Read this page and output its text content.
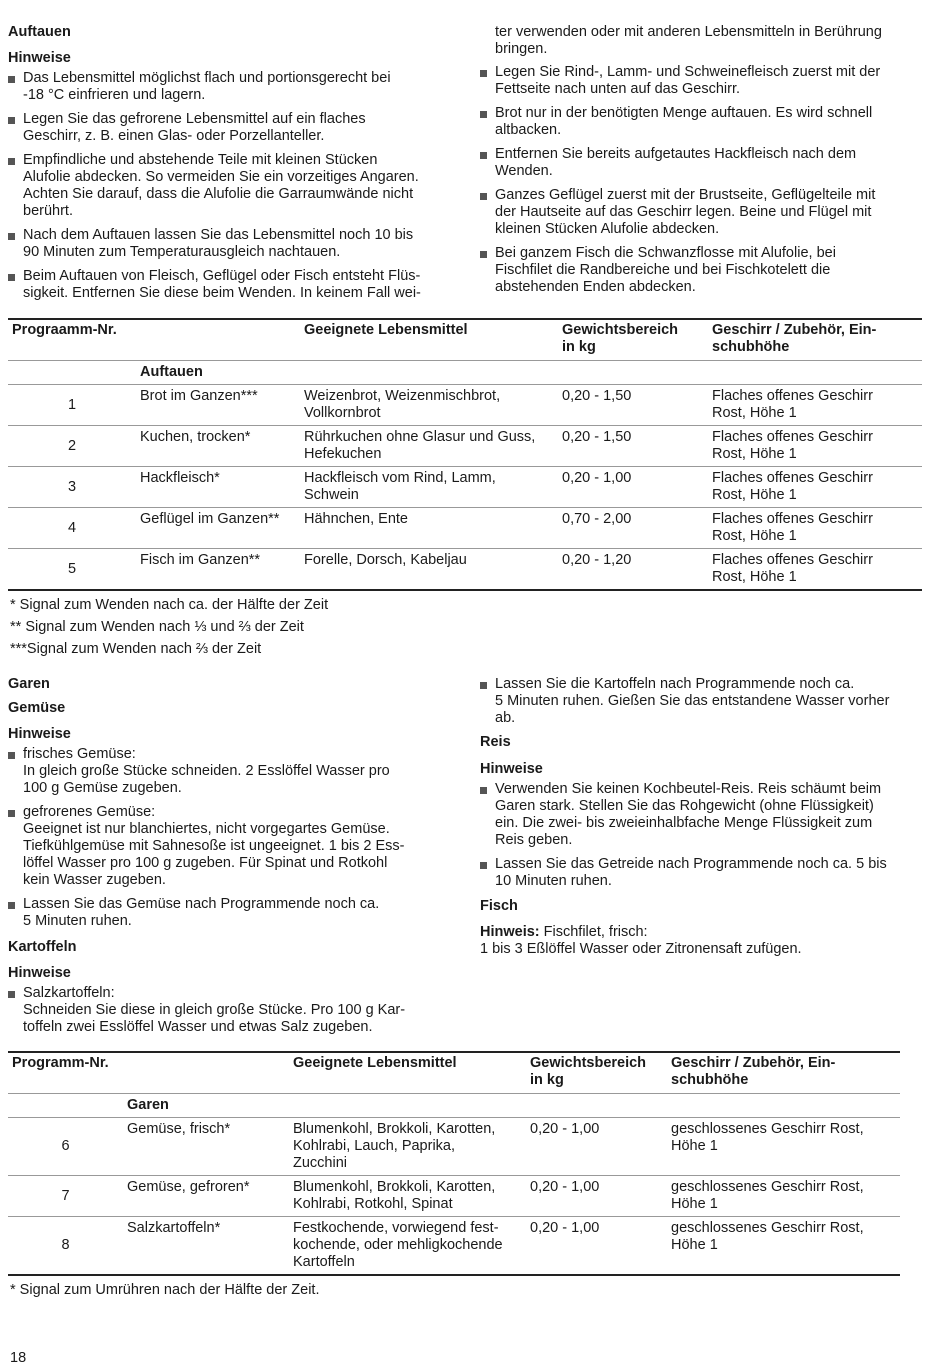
Auftauen

Hinweise

Das Lebensmittel möglichst flach und portionsgerecht bei
-18 °C einfrieren und lagern.
Legen Sie das gefrorene Lebensmittel auf ein flaches
Geschirr, z. B. einen Glas- oder Porzellanteller.
Empfindliche und abstehende Teile mit kleinen Stücken
Alufolie abdecken. So vermeiden Sie ein vorzeitiges Angaren.
Achten Sie darauf, dass die Alufolie die Garraumwände nicht
berührt.
Nach dem Auftauen lassen Sie das Lebensmittel noch 10 bis
90 Minuten zum Temperaturausgleich nachtauen.
Beim Auftauen von Fleisch, Geflügel oder Fisch entsteht Flüs-
sigkeit. Entfernen Sie diese beim Wenden. In keinem Fall wei-
ter verwenden oder mit anderen Lebensmitteln in Berührung
bringen.
Legen Sie Rind-, Lamm- und Schweinefleisch zuerst mit der
Fettseite nach unten auf das Geschirr.
Brot nur in der benötigten Menge auftauen. Es wird schnell
altbacken.
Entfernen Sie bereits aufgetautes Hackfleisch nach dem
Wenden.
Ganzes Geflügel zuerst mit der Brustseite, Geflügelteile mit
der Hautseite auf das Geschirr legen. Beine und Flügel mit
kleinen Stücken Alufolie abdecken.
Bei ganzem Fisch die Schwanzflosse mit Alufolie, bei
Fischfilet die Randbereiche und bei Fischkotelett die
abstehenden Enden abdecken.
Prograamm-Nr.		Geeignete Lebensmittel	Gewichtsbereich
in kg	Geschirr / Zubehör, Ein-
schubhöhe

	Auftauen			

1	Brot im Ganzen***	Weizenbrot, Weizenmischbrot,
Vollkornbrot	0,20 - 1,50	Flaches offenes Geschirr
Rost, Höhe 1

2	Kuchen, trocken*	Rührkuchen ohne Glasur und Guss,
Hefekuchen	0,20 - 1,50	Flaches offenes Geschirr
Rost, Höhe 1

3	Hackfleisch*	Hackfleisch vom Rind, Lamm,
Schwein	0,20 - 1,00	Flaches offenes Geschirr
Rost, Höhe 1

4	Geflügel im Ganzen**	Hähnchen, Ente	0,70 - 2,00	Flaches offenes Geschirr
Rost, Höhe 1

5	Fisch im Ganzen**	Forelle, Dorsch, Kabeljau	0,20 - 1,20	Flaches offenes Geschirr
Rost, Höhe 1
* Signal zum Wenden nach ca. der Hälfte der Zeit
** Signal zum Wenden nach ⅓ und ⅔ der Zeit
***Signal zum Wenden nach ⅔ der Zeit

Garen

Gemüse

Hinweise

frisches Gemüse:
In gleich große Stücke schneiden. 2 Esslöffel Wasser pro
100 g Gemüse zugeben.
gefrorenes Gemüse:
Geeignet ist nur blanchiertes, nicht vorgegartes Gemüse.
Tiefkühlgemüse mit Sahnesoße ist ungeeignet. 1 bis 2 Ess-
löffel Wasser pro 100 g zugeben. Für Spinat und Rotkohl
kein Wasser zugeben.
Lassen Sie das Gemüse nach Programmende noch ca.
5 Minuten ruhen.

Kartoffeln

Hinweise

Salzkartoffeln:
Schneiden Sie diese in gleich große Stücke. Pro 100 g Kar-
toffeln zwei Esslöffel Wasser und etwas Salz zugeben.
Lassen Sie die Kartoffeln nach Programmende noch ca.
5 Minuten ruhen. Gießen Sie das entstandene Wasser vorher
ab.

Reis

Hinweise

Verwenden Sie keinen Kochbeutel-Reis. Reis schäumt beim
Garen stark. Stellen Sie das Rohgewicht (ohne Flüssigkeit)
ein. Die zwei- bis zweieinhalbfache Menge Flüssigkeit zum
Reis geben.
Lassen Sie das Getreide nach Programmende noch ca. 5 bis
10 Minuten ruhen.

Fisch

Hinweis: Fischfilet, frisch:
1 bis 3 Eßlöffel Wasser oder Zitronensaft zufügen.
Programm-Nr.		Geeignete Lebensmittel	Gewichtsbereich
in kg	Geschirr / Zubehör, Ein-
schubhöhe

	Garen			

6	Gemüse, frisch*	Blumenkohl, Brokkoli, Karotten,
Kohlrabi, Lauch, Paprika,
Zucchini	0,20 - 1,00	geschlossenes Geschirr Rost,
Höhe 1

7	Gemüse, gefroren*	Blumenkohl, Brokkoli, Karotten,
Kohlrabi, Rotkohl, Spinat	0,20 - 1,00	geschlossenes Geschirr Rost,
Höhe 1

8	Salzkartoffeln*	Festkochende, vorwiegend fest-
kochende, oder mehligkochende
Kartoffeln	0,20 - 1,00	geschlossenes Geschirr Rost,
Höhe 1
* Signal zum Umrühren nach der Hälfte der Zeit.
18
